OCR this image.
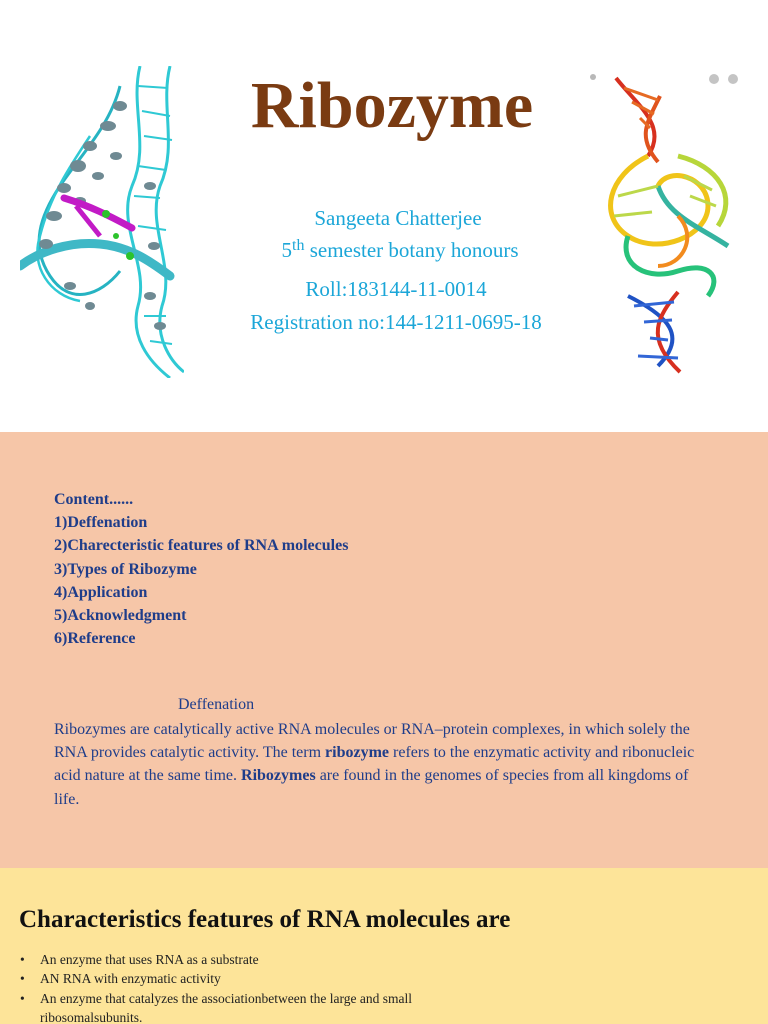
Ribozyme
Sangeeta Chatterjee
5th semester botany honours
Roll:183144-11-0014
Registration no:144-1211-0695-18
Content......
1)Deffenation
2)Charecteristic features of RNA molecules
3)Types of Ribozyme
4)Application
5)Acknowledgment
6)Reference
Deffenation

Ribozymes are catalytically active RNA molecules or RNA–protein complexes, in which solely the RNA provides catalytic activity. The term ribozyme refers to the enzymatic activity and ribonucleic acid nature at the same time. Ribozymes are found in the genomes of species from all kingdoms of life.

Characteristics features of RNA molecules are
• An enzyme that uses RNA as a substrate
• AN RNA with enzymatic activity
• An enzyme that catalyzes the associationbetween the large and small ribosomalsubunits.
